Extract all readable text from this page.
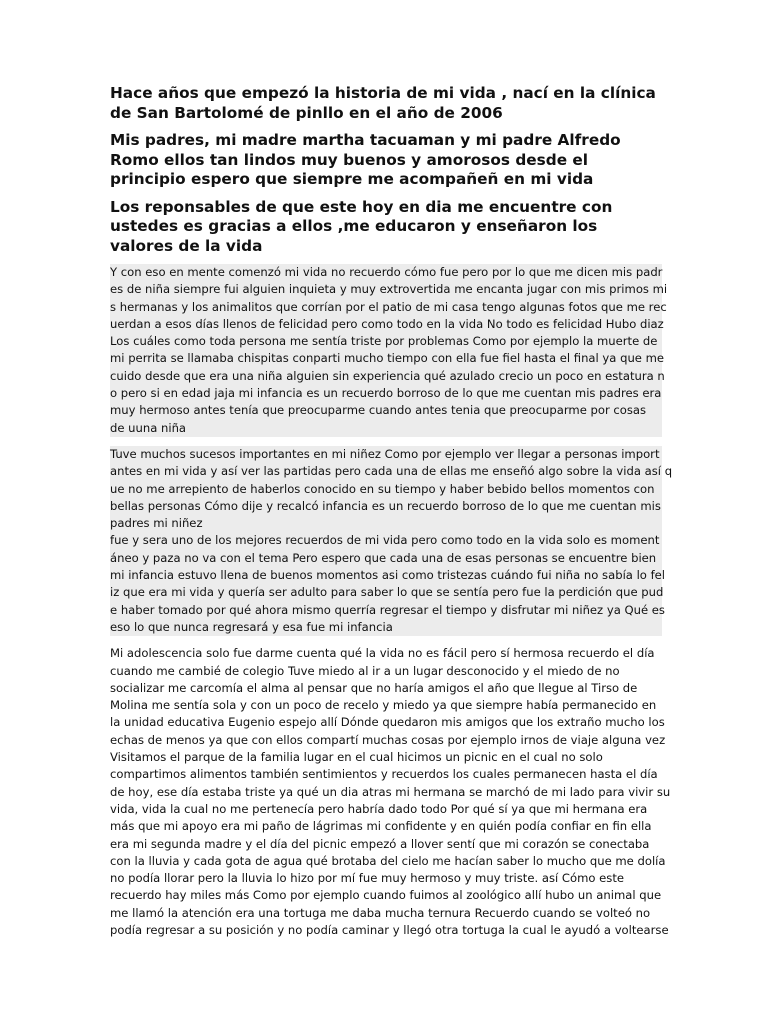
Hace años que empezó la historia de mi vida , nací en la clínica de San Bartolomé de pinllo en el año de 2006

Mis padres, mi madre martha tacuaman y mi padre Alfredo Romo ellos tan lindos muy buenos y amorosos desde el principio espero que siempre me acompañeñ en mi vida

Los reponsables de que este hoy en dia me encuentre con ustedes es gracias a ellos ,me educaron y enseñaron los valores de la vida

Y con eso en mente comenzó mi vida no recuerdo cómo fue pero por lo que me dicen mis padr
es de niña siempre fui alguien inquieta y muy extrovertida me encanta jugar con mis primos mi
s hermanas y los animalitos que corrían por el patio de mi casa tengo algunas fotos que me rec
uerdan a esos días llenos de felicidad pero como todo en la vida No todo es felicidad Hubo diaz
Los cuáles como toda persona me sentía triste por problemas Como por ejemplo la muerte de
mi perrita se llamaba chispitas conparti mucho tiempo con ella fue fiel hasta el final ya que me
cuido desde que era una niña alguien sin experiencia qué azulado crecio un poco en estatura n
o pero si en edad jaja mi infancia es un recuerdo borroso de lo que me cuentan mis padres era
muy hermoso antes tenía que preocuparme cuando antes tenia que preocuparme por cosas
de uuna niña
Tuve muchos sucesos importantes en mi niñez Como por ejemplo ver llegar a personas import
antes en mi vida y así ver las partidas pero cada una de ellas me enseñó algo sobre la vida así q
ue no me arrepiento de haberlos conocido en su tiempo y haber bebido bellos momentos con
bellas personas Cómo dije y recalcó infancia es un recuerdo borroso de lo que me cuentan mis
padres mi niñez
fue y sera uno de los mejores recuerdos de mi vida pero como todo en la vida solo es moment
áneo y paza no va con el tema Pero espero que cada una de esas personas se encuentre bien
mi infancia estuvo llena de buenos momentos asi como tristezas cuándo fui niña no sabía lo fel
iz que era mi vida y quería ser adulto para saber lo que se sentía pero fue la perdición que pud
e haber tomado por qué ahora mismo querría regresar el tiempo y disfrutar mi niñez ya Qué es
eso lo que nunca regresará y esa fue mi infancia
Mi adolescencia solo fue darme cuenta qué la vida no es fácil pero sí hermosa recuerdo el día
cuando me cambié de colegio Tuve miedo al ir a un lugar desconocido y el miedo de no
socializar me carcomía el alma al pensar que no haría amigos el año que llegue al Tirso de
Molina me sentía sola y con un poco de recelo y miedo ya que siempre había permanecido en
la unidad educativa Eugenio espejo allí Dónde quedaron mis amigos que los extraño mucho los
echas de menos ya que con ellos compartí muchas cosas por ejemplo irnos de viaje alguna vez
Visitamos el parque de la familia lugar en el cual hicimos un picnic en el cual no solo
compartimos alimentos también sentimientos y recuerdos los cuales permanecen hasta el día
de hoy, ese día estaba triste ya qué un dia atras mi hermana se marchó de mi lado para vivir su
vida, vida la cual no me pertenecía pero habría dado todo Por qué sí ya que mi hermana era
más que mi apoyo era mi paño de lágrimas mi confidente y en quién podía confiar en fin ella
era mi segunda madre y el día del picnic empezó a llover sentí que mi corazón se conectaba
con la lluvia y cada gota de agua qué brotaba del cielo me hacían saber lo mucho que me dolía
no podía llorar pero la lluvia lo hizo por mí fue muy hermoso y muy triste. así Cómo este
recuerdo hay miles más Como por ejemplo cuando fuimos al zoológico allí hubo un animal que
me llamó la atención era una tortuga me daba mucha ternura Recuerdo cuando se volteó no
podía regresar a su posición y no podía caminar y llegó otra tortuga la cual le ayudó a voltearse
